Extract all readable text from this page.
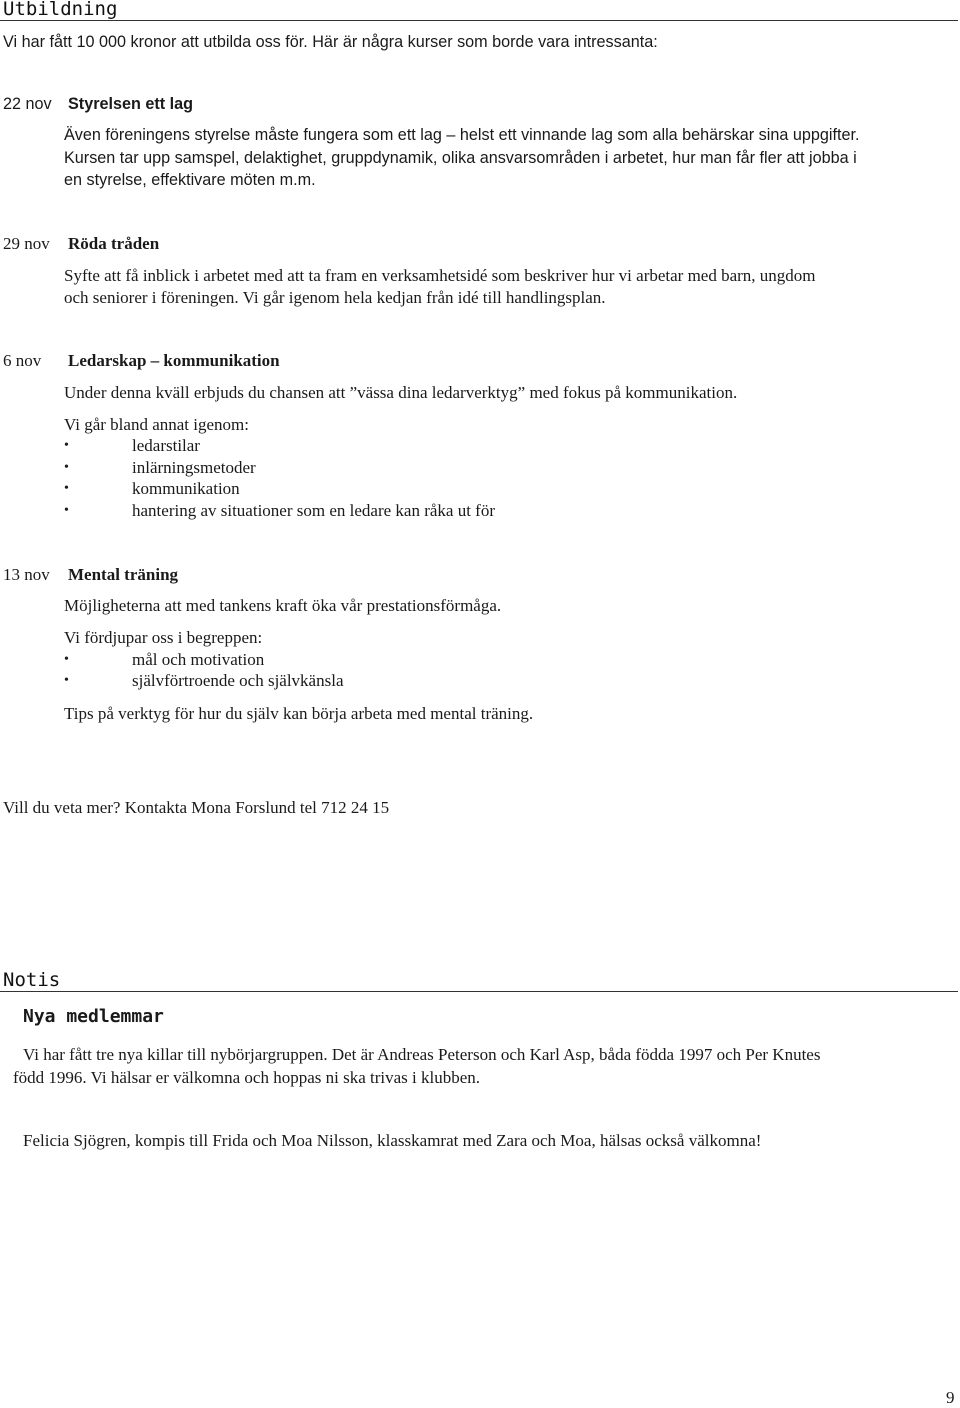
Utbildning
Vi har fått 10 000 kronor att utbilda oss för. Här är några kurser som borde vara intressanta:
22 nov Styrelsen ett lag
Även föreningens styrelse måste fungera som ett lag – helst ett vinnande lag som alla behärskar sina uppgifter.
Kursen tar upp samspel, delaktighet, gruppdynamik, olika ansvarsområden i arbetet, hur man får fler att jobba i
en styrelse, effektivare möten m.m.
29 nov Röda tråden
Syfte att få inblick i arbetet med att ta fram en verksamhetsidé som beskriver hur vi arbetar med barn, ungdom
och seniorer i föreningen. Vi går igenom hela kedjan från idé till handlingsplan.
6 nov Ledarskap – kommunikation
Under denna kväll erbjuds du chansen att ”vässa dina ledarverktyg” med fokus på kommunikation.
Vi går bland annat igenom:
•	ledarstilar
•	inlärningsmetoder
•	kommunikation
•	hantering av situationer som en ledare kan råka ut för
13 nov Mental träning
Möjligheterna att med tankens kraft öka vår prestationsförmåga.
Vi fördjupar oss i begreppen:
•	mål och motivation
•	självförtroende och självkänsla
Tips på verktyg för hur du själv kan börja arbeta med mental träning.
Vill du veta mer? Kontakta Mona Forslund tel 712 24 15
Notis
Nya medlemmar
Vi har fått tre nya killar till nybörjargruppen. Det är Andreas Peterson och Karl Asp, båda födda 1997 och Per Knutes
född 1996. Vi hälsar er välkomna och hoppas ni ska trivas i klubben.
Felicia Sjögren, kompis till Frida och Moa Nilsson, klasskamrat med Zara och Moa, hälsas också välkomna!
9
